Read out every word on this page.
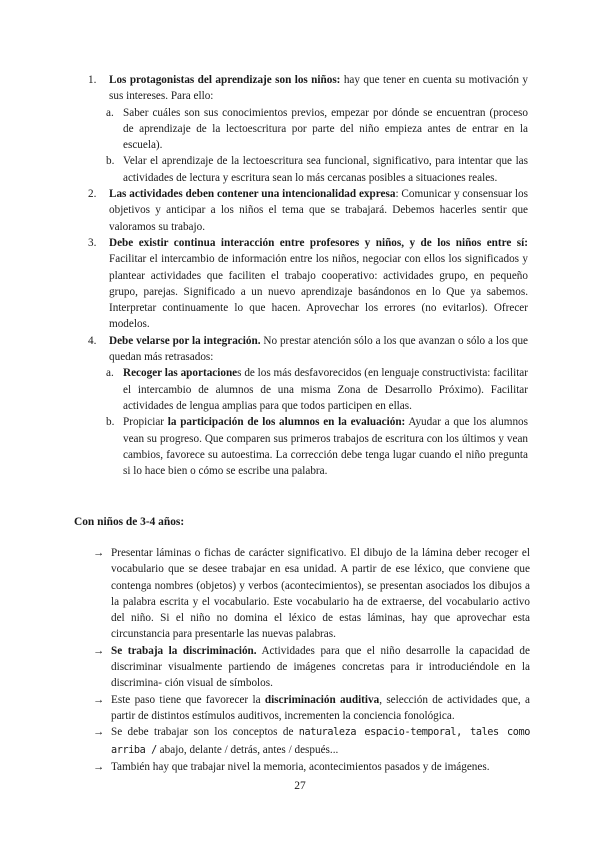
1. Los protagonistas del aprendizaje son los niños: hay que tener en cuenta su motivación y sus intereses. Para ello:

a. Saber cuáles son sus conocimientos previos, empezar por dónde se encuentran (proceso de aprendizaje de la lectoescritura por parte del niño empieza antes de entrar en la escuela).

b. Velar el aprendizaje de la lectoescritura sea funcional, significativo, para intentar que las actividades de lectura y escritura sean lo más cercanas posibles a situaciones reales.

2. Las actividades deben contener una intencionalidad expresa: Comunicar y consensuar los objetivos y anticipar a los niños el tema que se trabajará. Debemos hacerles sentir que valoramos su trabajo.

3. Debe existir continua interacción entre profesores y niños, y de los niños entre sí: Facilitar el intercambio de información entre los niños, negociar con ellos los significados y plantear actividades que faciliten el trabajo cooperativo: actividades grupo, en pequeño grupo, parejas. Significado a un nuevo aprendizaje basándonos en lo Que ya sabemos. Interpretar continuamente lo que hacen. Aprovechar los errores (no evitarlos). Ofrecer modelos.

4. Debe velarse por la integración. No prestar atención sólo a los que avanzan o sólo a los que quedan más retrasados:

a. Recoger las aportaciones de los más desfavorecidos (en lenguaje constructivista: facilitar el intercambio de alumnos de una misma Zona de Desarrollo Próximo). Facilitar actividades de lengua amplias para que todos participen en ellas.

b. Propiciar la participación de los alumnos en la evaluación: Ayudar a que los alumnos vean su progreso. Que comparen sus primeros trabajos de escritura con los últimos y vean cambios, favorece su autoestima. La corrección debe tenga lugar cuando el niño pregunta si lo hace bien o cómo se escribe una palabra.

Con niños de 3-4 años:

→ Presentar láminas o fichas de carácter significativo. El dibujo de la lámina deber recoger el vocabulario que se desee trabajar en esa unidad. A partir de ese léxico, que conviene que contenga nombres (objetos) y verbos (acontecimientos), se presentan asociados los dibujos a la palabra escrita y el vocabulario. Este vocabulario ha de extraerse, del vocabulario activo del niño. Si el niño no domina el léxico de estas láminas, hay que aprovechar esta circunstancia para presentarle las nuevas palabras.

→ Se trabaja la discriminación. Actividades para que el niño desarrolle la capacidad de discriminar visualmente partiendo de imágenes concretas para ir introduciéndole en la discrimina- ción visual de símbolos.

→ Este paso tiene que favorecer la discriminación auditiva, selección de actividades que, a partir de distintos estímulos auditivos, incrementen la conciencia fonológica.

→ Se debe trabajar son los conceptos de naturaleza espacio-temporal, tales como arriba / abajo, delante / detrás, antes / después...

→ También hay que trabajar nivel la memoria, acontecimientos pasados y de imágenes.

27
